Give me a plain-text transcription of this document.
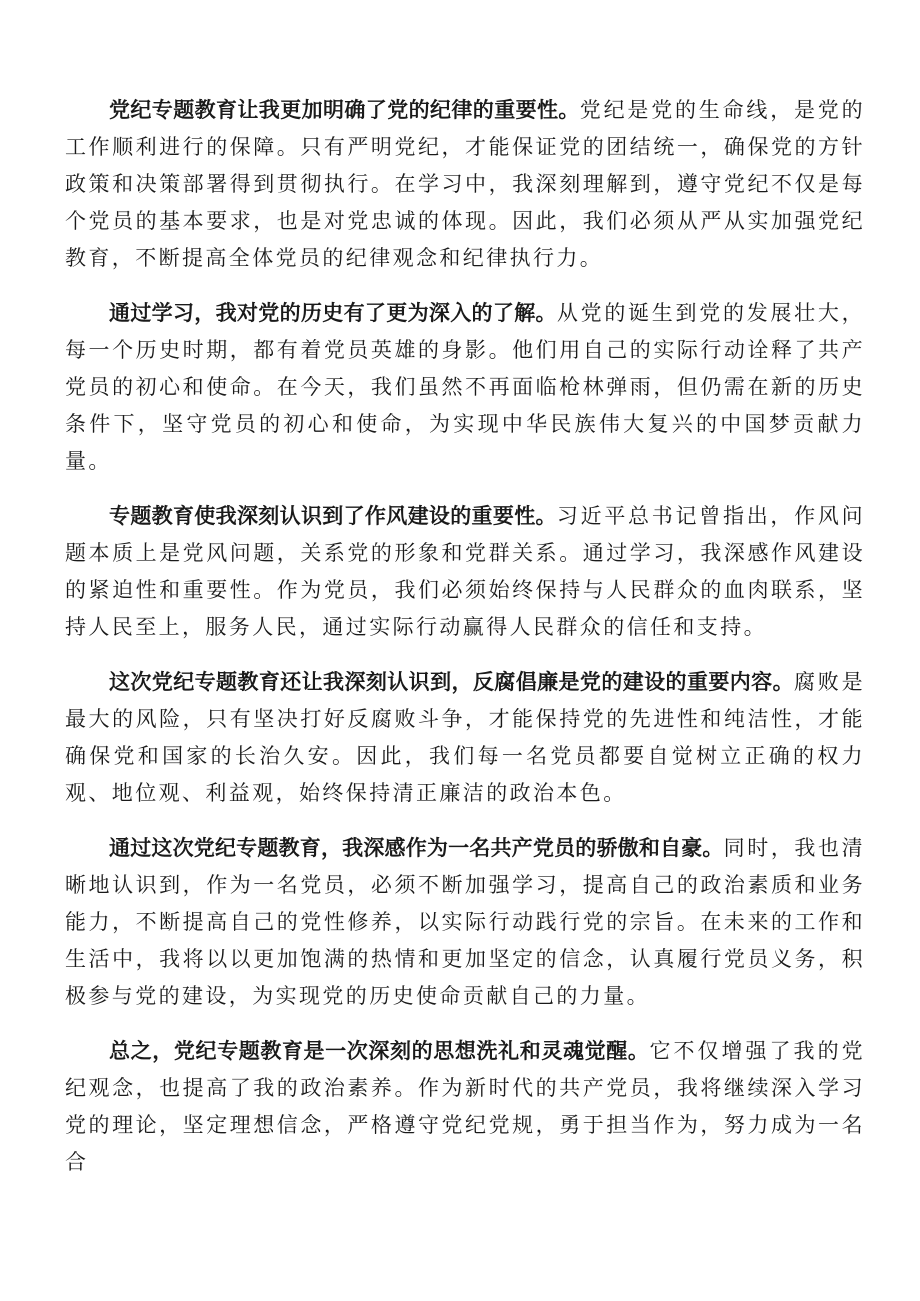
党纪专题教育让我更加明确了党的纪律的重要性。党纪是党的生命线，是党的工作顺利进行的保障。只有严明党纪，才能保证党的团结统一，确保党的方针政策和决策部署得到贯彻执行。在学习中，我深刻理解到，遵守党纪不仅是每个党员的基本要求，也是对党忠诚的体现。因此，我们必须从严从实加强党纪教育，不断提高全体党员的纪律观念和纪律执行力。

通过学习，我对党的历史有了更为深入的了解。从党的诞生到党的发展壮大，每一个历史时期，都有着党员英雄的身影。他们用自己的实际行动诠释了共产党员的初心和使命。在今天，我们虽然不再面临枪林弹雨，但仍需在新的历史条件下，坚守党员的初心和使命，为实现中华民族伟大复兴的中国梦贡献力量。

专题教育使我深刻认识到了作风建设的重要性。习近平总书记曾指出，作风问题本质上是党风问题，关系党的形象和党群关系。通过学习，我深感作风建设的紧迫性和重要性。作为党员，我们必须始终保持与人民群众的血肉联系，坚持人民至上，服务人民，通过实际行动赢得人民群众的信任和支持。

这次党纪专题教育还让我深刻认识到，反腐倡廉是党的建设的重要内容。腐败是最大的风险，只有坚决打好反腐败斗争，才能保持党的先进性和纯洁性，才能确保党和国家的长治久安。因此，我们每一名党员都要自觉树立正确的权力观、地位观、利益观，始终保持清正廉洁的政治本色。

通过这次党纪专题教育，我深感作为一名共产党员的骄傲和自豪。同时，我也清晰地认识到，作为一名党员，必须不断加强学习，提高自己的政治素质和业务能力，不断提高自己的党性修养，以实际行动践行党的宗旨。在未来的工作和生活中，我将以以更加饱满的热情和更加坚定的信念，认真履行党员义务，积极参与党的建设，为实现党的历史使命贡献自己的力量。

总之，党纪专题教育是一次深刻的思想洗礼和灵魂觉醒。它不仅增强了我的党纪观念，也提高了我的政治素养。作为新时代的共产党员，我将继续深入学习党的理论，坚定理想信念，严格遵守党纪党规，勇于担当作为，努力成为一名合
